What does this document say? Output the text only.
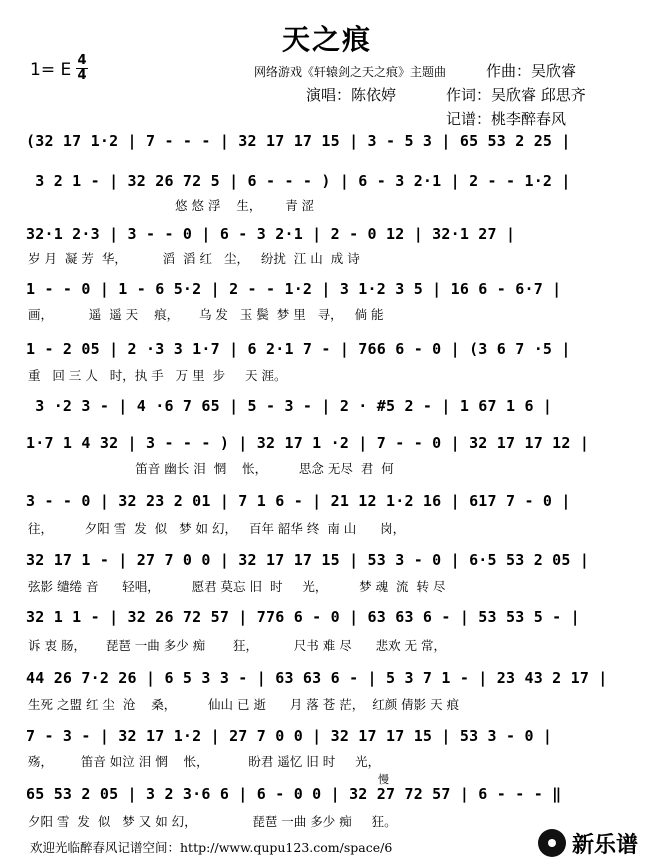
天之痕
1= E 4
4	网络游戏《轩辕剑之天之痕》主题曲	作曲：吴欣睿
演唱：陈依婷	作词：吴欣睿 邱思齐
记谱：桃李醉春风
(32 17 1·2 | 7 - - - | 32 17 17 15 | 3 - 5 3 | 65 53 2 25 |
3 2 1 - | 32 26 72 5 | 6 - - - ) | 6 - 3 2·1 | 2 - - 1·2 |
悠 悠 浮    生，      青 涩
32·1 2·3 | 3 - - 0 | 6 - 3 2·1 | 2 - 0 12 | 32·1 27 |
岁 月  凝 芳  华，         滔  滔 红   尘，   纷扰  江 山  成 诗
1 - - 0 | 1 - 6 5·2 | 2 - - 1·2 | 3 1·2 3 5 | 16 6 - 6·7 |
画，         遥  遥 天    痕，     乌 发   玉 鬓  梦 里   寻，   倘 能
1 - 2 05 | 2 ·3 3 1·7 | 6 2·1 7 - | 766 6 - 0 | (3 6 7 ·5 |
重   回 三 人   时，执 手   万 里  步     天 涯。
3 ·2 3 - | 4 ·6 7 65 | 5 - 3 - | 2 · #5 2 - | 1 67 1 6 |
1·7 1 4 32 | 3 - - - ) | 32 17 1 ·2 | 7 - - 0 | 32 17 17 12 |
笛音 幽长 泪  惘    怅，        思念 无尽  君  何
3 - - 0 | 32 23 2 01 | 7 1 6 - | 21 12 1·2 16 | 617 7 - 0 |
往，        夕阳 雪  发  似   梦 如 幻，   百年 韶华 终  南 山      岗，
32 17 1 - | 27 7 0 0 | 32 17 17 15 | 53 3 - 0 | 6·5 53 2 05 |
弦影 缱绻 音      轻唱，        愿君 莫忘 旧  时     光，        梦 魂  流  转 尽
32 1 1 - | 32 26 72 57 | 776 6 - 0 | 63 63 6 - | 53 53 5 - |
诉 衷 肠，     琵琶 一曲 多少 痴       狂，         尺书 难 尽      悲欢 无 常，
44 26 7·2 26 | 6 5 3 3 - | 63 63 6 - | 5 3 7 1 - | 23 43 2 17 |
生死 之盟 红 尘  沧    桑，        仙山 已 逝      月 落 苍 茫，  红颜 倩影 天 痕
7 - 3 - | 32 17 1·2 | 27 7 0 0 | 32 17 17 15 | 53 3 - 0 |
殇，       笛音 如泣 泪 惘    怅，          盼君 遥忆 旧 时     光，
慢
65 53 2 05 | 3 2 3·6 6 | 6 - 0 0 | 32 27 72 57 | 6 - - - ‖
夕阳 雪  发  似   梦 又 如 幻，              琵琶 一曲 多少 痴     狂。
欢迎光临醉春风记谱空间：http://www.qupu123.com/space/6	新乐谱
